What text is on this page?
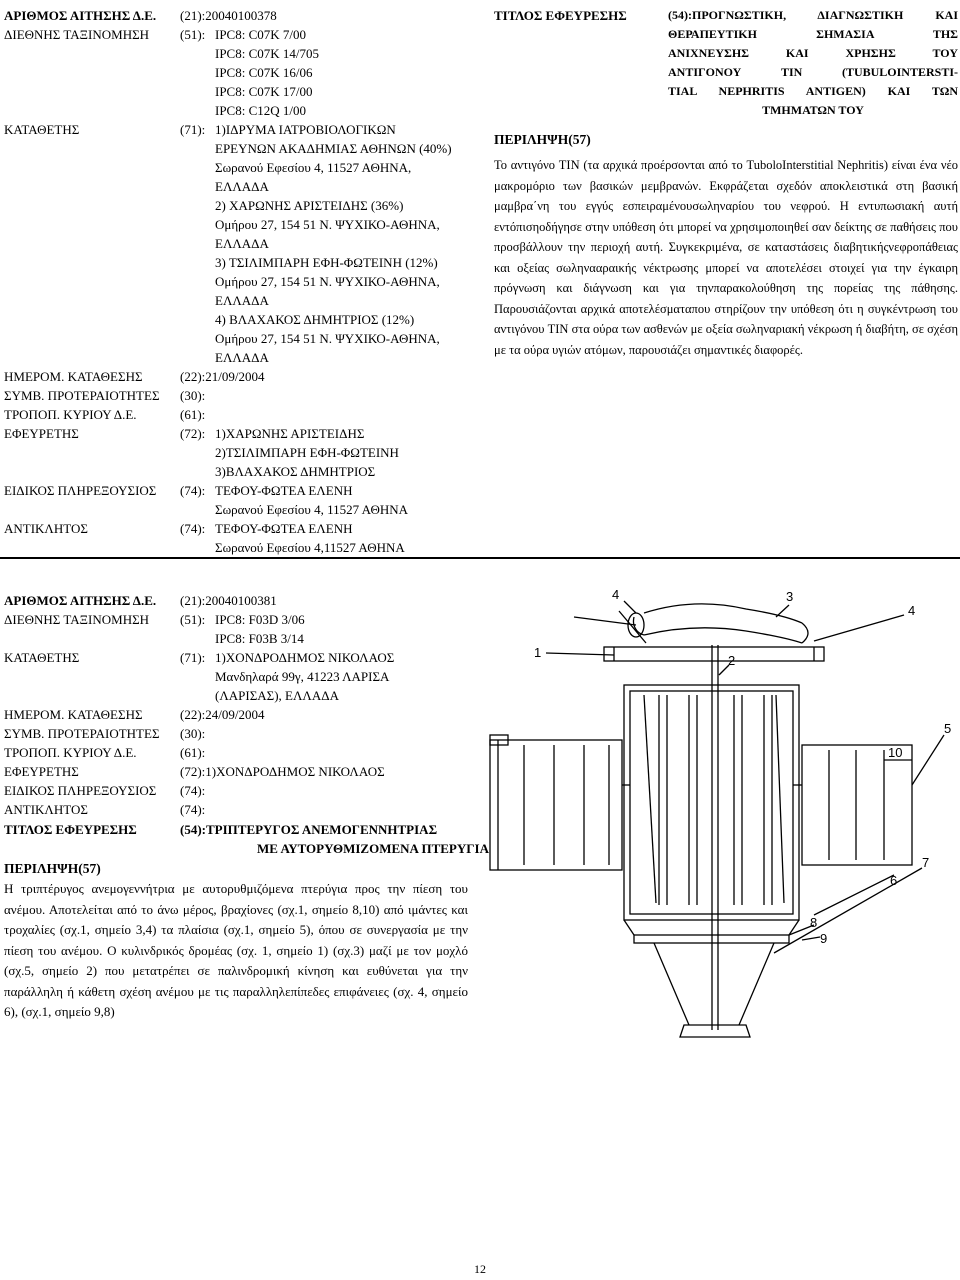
ΑΡΙΘΜΟΣ ΑΙΤΗΣΗΣ Δ.Ε. (21):20040100378
ΔΙΕΘΝΗΣ ΤΑΞΙΝΟΜΗΣΗ (51): IPC8: C07K 7/00
IPC8: C07K 14/705
IPC8: C07K 16/06
IPC8: C07K 17/00
IPC8: C12Q 1/00
ΚΑΤΑΘΕΤΗΣ	(71): 1)ΙΔΡΥΜΑ ΙΑΤΡΟΒΙΟΛΟΓΙΚΩΝ
ΕΡΕΥΝΩΝ ΑΚΑΔΗΜΙΑΣ ΑΘΗΝΩΝ (40%)
Σωρανού Εφεσίου 4, 11527 ΑΘΗΝΑ,
ΕΛΛΑΔΑ
2) ΧΑΡΩΝΗΣ ΑΡΙΣΤΕΙΔΗΣ (36%)
Ομήρου 27, 154 51 Ν. ΨΥΧΙΚΟ-ΑΘΗΝΑ,
ΕΛΛΑΔΑ
3) ΤΣΙΛΙΜΠΑΡΗ ΕΦΗ-ΦΩΤΕΙΝΗ (12%)
Ομήρου 27, 154 51 Ν. ΨΥΧΙΚΟ-ΑΘΗΝΑ,
ΕΛΛΑΔΑ
4) ΒΛΑΧΑΚΟΣ ΔΗΜΗΤΡΙΟΣ (12%)
Ομήρου 27, 154 51 Ν. ΨΥΧΙΚΟ-ΑΘΗΝΑ,
ΕΛΛΑΔΑ
ΗΜΕΡΟΜ. ΚΑΤΑΘΕΣΗΣ	(22):21/09/2004
ΣΥΜΒ. ΠΡΟΤΕΡΑΙΟΤΗΤΕΣ (30):
ΤΡΟΠΟΠ. ΚΥΡΙΟΥ Δ.Ε.	(61):
ΕΦΕΥΡΕΤΗΣ	(72): 1)ΧΑΡΩΝΗΣ ΑΡΙΣΤΕΙΔΗΣ
2)ΤΣΙΛΙΜΠΑΡΗ ΕΦΗ-ΦΩΤΕΙΝΗ
3)ΒΛΑΧΑΚΟΣ ΔΗΜΗΤΡΙΟΣ
ΕΙΔΙΚΟΣ ΠΛΗΡΕΞΟΥΣΙΟΣ (74): ΤΕΦΟΥ-ΦΩΤΕΑ ΕΛΕΝΗ
Σωρανού Εφεσίου 4, 11527 ΑΘΗΝΑ
ΑΝΤΙΚΛΗΤΟΣ	(74): ΤΕΦΟΥ-ΦΩΤΕΑ ΕΛΕΝΗ
Σωρανού Εφεσίου 4,11527 ΑΘΗΝΑ
ΤΙΤΛΟΣ ΕΦΕΥΡΕΣΗΣ	(54):ΠΡΟΓΝΩΣΤΙΚΗ, ΔΙΑΓΝΩΣΤΙΚΗ ΚΑΙ
ΘΕΡΑΠΕΥΤΙΚΗ ΣΗΜΑΣΙΑ ΤΗΣ
ΑΝΙΧΝΕΥΣΗΣ ΚΑΙ ΧΡΗΣΗΣ ΤΟΥ
ΑΝΤΙΓΟΝΟΥ TIN (TUBULOINTERSTI-
TIAL NEPHRITIS ANTIGEN) ΚΑΙ ΤΩΝ
ΤΜΗΜΑΤΩΝ ΤΟΥ
ΠΕΡΙΛΗΨΗ(57)
Το αντιγόνο TIN (τα αρχικά προέρσονται από το TuboloInterstitial Nephritis) είναι ένα νέο μακρομόριο των βασικών μεμβρανών. Εκφράζεται σχεδόν αποκλειστικά στη βασική μαμβρα΄νη του εγγύς εσπειραμένουσωληναρίου του νεφρού. Η εντυπωσιακή αυτή εντόπισηοδήγησε στην υπόθεση ότι μπορεί να χρησιμοποιηθεί σαν δείκτης σε παθήσεις που προσβάλλουν την περιοχή αυτή. Συγκεκριμένα, σε καταστάσεις διαβητικήςνεφροπάθειας και οξείας σωληνααραικής νέκτρωσης μπορεί να αποτελέσει στοιχεί για την έγκαιρη πρόγνωση και διάγνωση και για τηνπαρακολούθηση της πορείας της πάθησης. Παρουσιάζονται αρχικά αποτελέσματαπου στηρίζουν την υπόθεση ότι η συγκέντρωση του αντιγόνου TIN στα ούρα των ασθενών με οξεία σωληναριακή νέκρωση ή διαβήτη, σε σχέση με τα ούρα υγιών ατόμων, παρουσιάζει σημαντικές διαφορές.
ΑΡΙΘΜΟΣ ΑΙΤΗΣΗΣ Δ.Ε. (21):20040100381
ΔΙΕΘΝΗΣ ΤΑΞΙΝΟΜΗΣΗ (51): IPC8: F03D 3/06
IPC8: F03B 3/14
ΚΑΤΑΘΕΤΗΣ	(71): 1)ΧΟΝΔΡΟΔΗΜΟΣ ΝΙΚΟΛΑΟΣ
Μανδηλαρά 99γ, 41223 ΛΑΡΙΣΑ
(ΛΑΡΙΣΑΣ), ΕΛΛΑΔΑ
ΗΜΕΡΟΜ. ΚΑΤΑΘΕΣΗΣ	(22):24/09/2004
ΣΥΜΒ. ΠΡΟΤΕΡΑΙΟΤΗΤΕΣ (30):
ΤΡΟΠΟΠ. ΚΥΡΙΟΥ Δ.Ε.	(61):
ΕΦΕΥΡΕΤΗΣ	(72):1)ΧΟΝΔΡΟΔΗΜΟΣ ΝΙΚΟΛΑΟΣ
ΕΙΔΙΚΟΣ ΠΛΗΡΕΞΟΥΣΙΟΣ (74):
ΑΝΤΙΚΛΗΤΟΣ	(74):
ΤΙΤΛΟΣ ΕΦΕΥΡΕΣΗΣ	(54):ΤΡΙΠΤΕΡΥΓΟΣ ΑΝΕΜΟΓΕΝΝΗΤΡΙΑΣ
ΜΕ ΑΥΤΟΡΥΘΜΙΖΟΜΕΝΑ ΠΤΕΡΥΓΙΑ
ΠΕΡΙΛΗΨΗ(57)
Η τριπτέρυγος ανεμογεννήτρια με αυτορυθμιζόμενα πτερύγια προς την πίεση του ανέμου. Αποτελείται από το άνω μέρος, βραχίονες (σχ.1, σημείο 8,10) από ιμάντες και τροχαλίες (σχ.1, σημείο 3,4) τα πλαίσια (σχ.1, σημείο 5), όπου σε συνεργασία με την πίεση του ανέμου. Ο κυλινδρικός δρομέας (σχ. 1, σημείο 1) (σχ.3) μαζί με τον μοχλό (σχ.5, σημείο 2) που μετατρέπει σε παλινδρομική κίνηση και ευθύνεται για την παράλληλη ή κάθετη σχέση ανέμου με τις παραλληλεπίπεδες επιφάνειες (σχ. 4, σημείο 6), (σχ.1, σημείο 9,8)
4	3
4
1
2
10
5
6
7
8
9
12
